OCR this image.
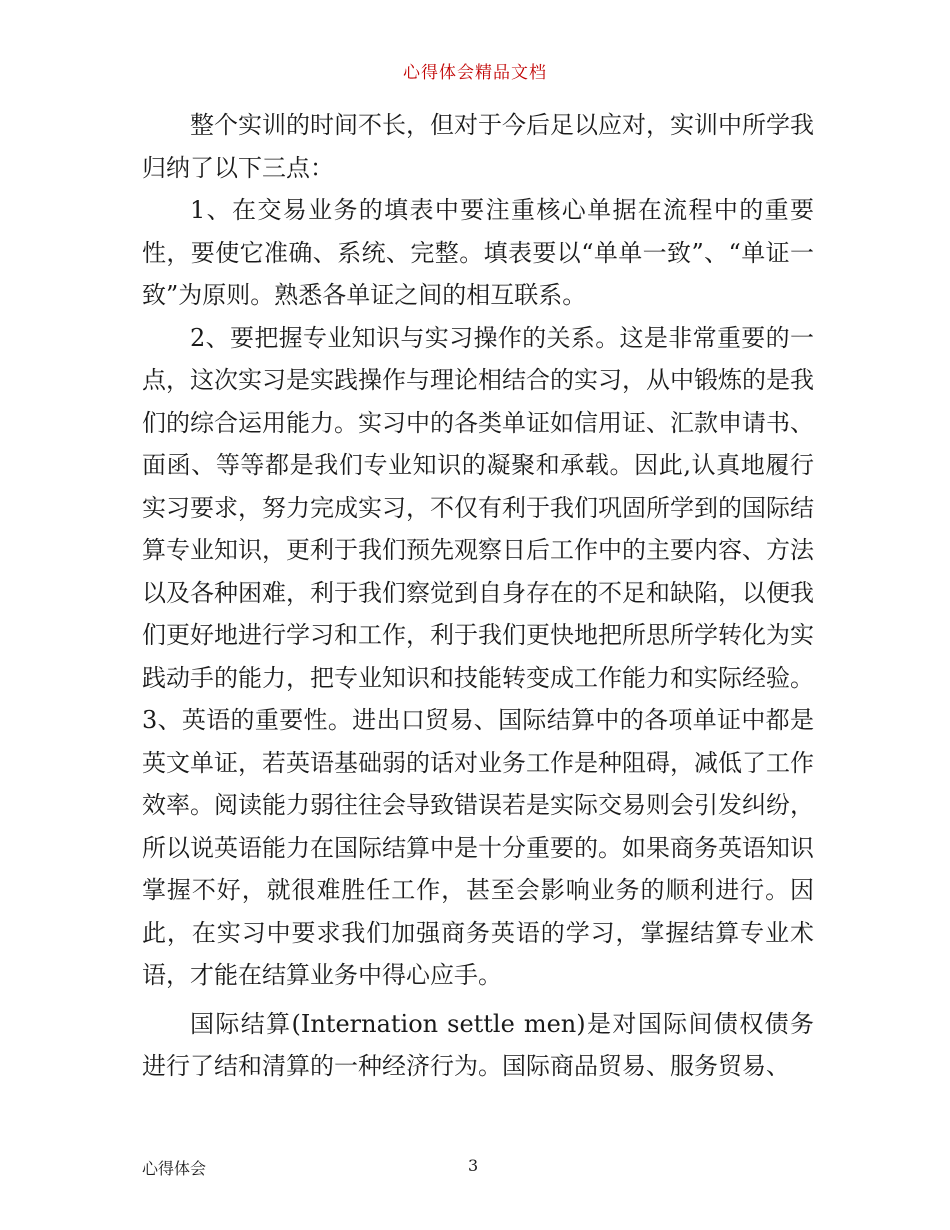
心得体会精品文档

整个实训的时间不长，但对于今后足以应对，实训中所学我归纳了以下三点：

1、在交易业务的填表中要注重核心单据在流程中的重要性，要使它准确、系统、完整。填表要以“单单一致”、“单证一致”为原则。熟悉各单证之间的相互联系。

2、要把握专业知识与实习操作的关系。这是非常重要的一点，这次实习是实践操作与理论相结合的实习，从中锻炼的是我们的综合运用能力。实习中的各类单证如信用证、汇款申请书、面函、等等都是我们专业知识的凝聚和承载。因此,认真地履行实习要求，努力完成实习，不仅有利于我们巩固所学到的国际结算专业知识，更利于我们预先观察日后工作中的主要内容、方法以及各种困难，利于我们察觉到自身存在的不足和缺陷，以便我们更好地进行学习和工作，利于我们更快地把所思所学转化为实践动手的能力，把专业知识和技能转变成工作能力和实际经验。3、英语的重要性。进出口贸易、国际结算中的各项单证中都是英文单证，若英语基础弱的话对业务工作是种阻碍，减低了工作效率。阅读能力弱往往会导致错误若是实际交易则会引发纠纷，所以说英语能力在国际结算中是十分重要的。如果商务英语知识掌握不好，就很难胜任工作，甚至会影响业务的顺利进行。因此，在实习中要求我们加强商务英语的学习，掌握结算专业术语，才能在结算业务中得心应手。

国际结算(Internation settle men)是对国际间债权债务进行了结和清算的一种经济行为。国际商品贸易、服务贸易、

心得体会	3
